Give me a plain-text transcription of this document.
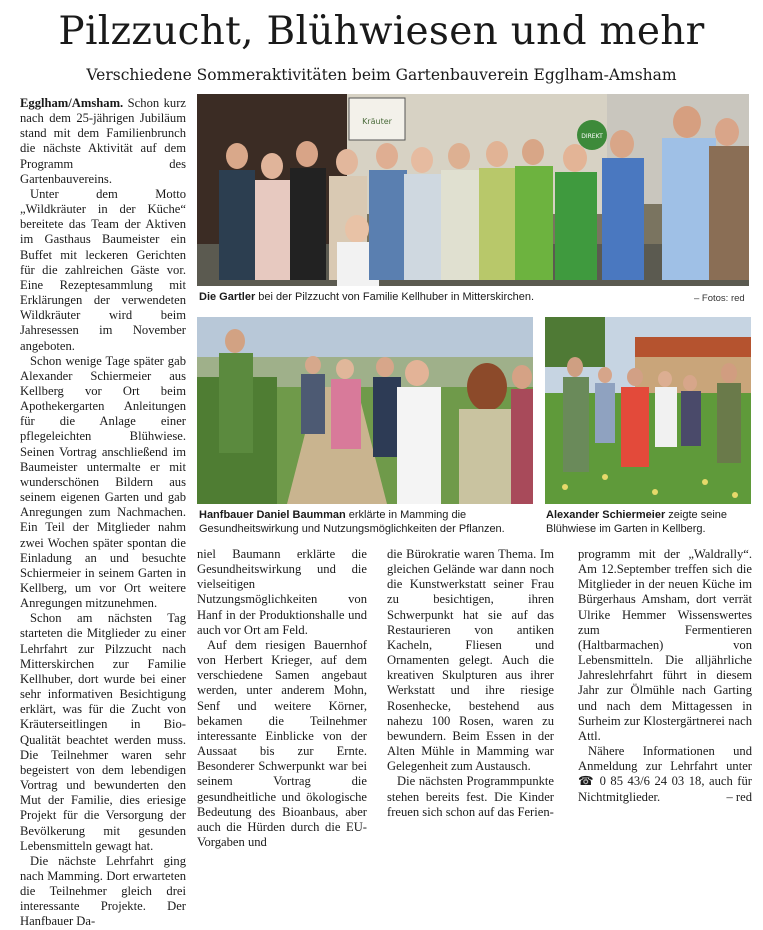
Pilzzucht, Blühwiesen und mehr
Verschiedene Sommeraktivitäten beim Gartenbauverein Egglham-Amsham

Egglham/Amsham. Schon kurz nach dem 25-jährigen Jubiläum stand mit dem Familienbrunch die nächste Aktivität auf dem Programm des Gartenbauvereins.

Unter dem Motto „Wildkräuter in der Küche“ bereitete das Team der Aktiven im Gasthaus Baumeister ein Buffet mit leckeren Gerichten für die zahlreichen Gäste vor. Eine Rezeptesammlung mit Erklärungen der verwendeten Wildkräuter wird beim Jahresessen im November angeboten.

Schon wenige Tage später gab Alexander Schiermeier aus Kellberg vor Ort beim Apothekergarten Anleitungen für die Anlage einer pflegeleichten Blühwiese. Seinen Vortrag anschließend im Baumeister untermalte er mit wunderschönen Bildern aus seinem eigenen Garten und gab Anregungen zum Nachmachen. Ein Teil der Mitglieder nahm zwei Wochen später spontan die Einladung an und besuchte Schiermeier in seinem Garten in Kellberg, um vor Ort weitere Anregungen mitzunehmen.

Schon am nächsten Tag starteten die Mitglieder zu einer Lehrfahrt zur Pilzzucht nach Mitterskirchen zur Familie Kellhuber, dort wurde bei einer sehr informativen Besichtigung erklärt, was für die Zucht von Kräuterseitlingen in Bio-Qualität beachtet werden muss. Die Teilnehmer waren sehr begeistert von dem lebendigen Vortrag und bewunderten den Mut der Familie, dies eriesige Projekt für die Versorgung der Bevölkerung mit gesunden Lebensmitteln gewagt hat.

Die nächste Lehrfahrt ging nach Mamming. Dort erwarteten die Teilnehmer gleich drei interessante Projekte. Der Hanfbauer Da-

Kräuter
DIREKT
Die Gartler bei der Pilzzucht von Familie Kellhuber in Mitterskirchen.	– Fotos: red
Hanfbauer Daniel Baumman erklärte in Mamming die Gesundheitswirkung und Nutzungsmöglichkeiten der Pflanzen.
Alexander Schiermeier zeigte seine Blühwiese im Garten in Kellberg.

niel Baumann erklärte die Gesundheitswirkung und die vielseitigen Nutzungsmöglichkeiten von Hanf in der Produktionshalle und auch vor Ort am Feld.

Auf dem riesigen Bauernhof von Herbert Krieger, auf dem verschiedene Samen angebaut werden, unter anderem Mohn, Senf und weitere Körner, bekamen die Teilnehmer interessante Einblicke von der Aussaat bis zur Ernte. Besonderer Schwerpunkt war bei seinem Vortrag die gesundheitliche und ökologische Bedeutung des Bioanbaus, aber auch die Hürden durch die EU-Vorgaben und

die Bürokratie waren Thema. Im gleichen Gelände war dann noch die Kunstwerkstatt seiner Frau zu besichtigen, ihren Schwerpunkt hat sie auf das Restaurieren von antiken Kacheln, Fliesen und Ornamenten gelegt. Auch die kreativen Skulpturen aus ihrer Werkstatt und ihre riesige Rosenhecke, bestehend aus nahezu 100 Rosen, waren zu bewundern. Beim Essen in der Alten Mühle in Mamming war Gelegenheit zum Austausch.

Die nächsten Programmpunkte stehen bereits fest. Die Kinder freuen sich schon auf das Ferien-

programm mit der „Waldrally“. Am 12.September treffen sich die Mitglieder in der neuen Küche im Bürgerhaus Amsham, dort verrät Ulrike Hemmer Wissenswertes zum Fermentieren (Haltbarmachen) von Lebensmitteln. Die alljährliche Jahreslehrfahrt führt in diesem Jahr zur Ölmühle nach Garting und nach dem Mittagessen in Surheim zur Klostergärtnerei nach Attl.

Nähere Informationen und Anmeldung zur Lehrfahrt unter ☎ 0 85 43/6 24 03 18, auch für Nichtmitglieder.	– red
